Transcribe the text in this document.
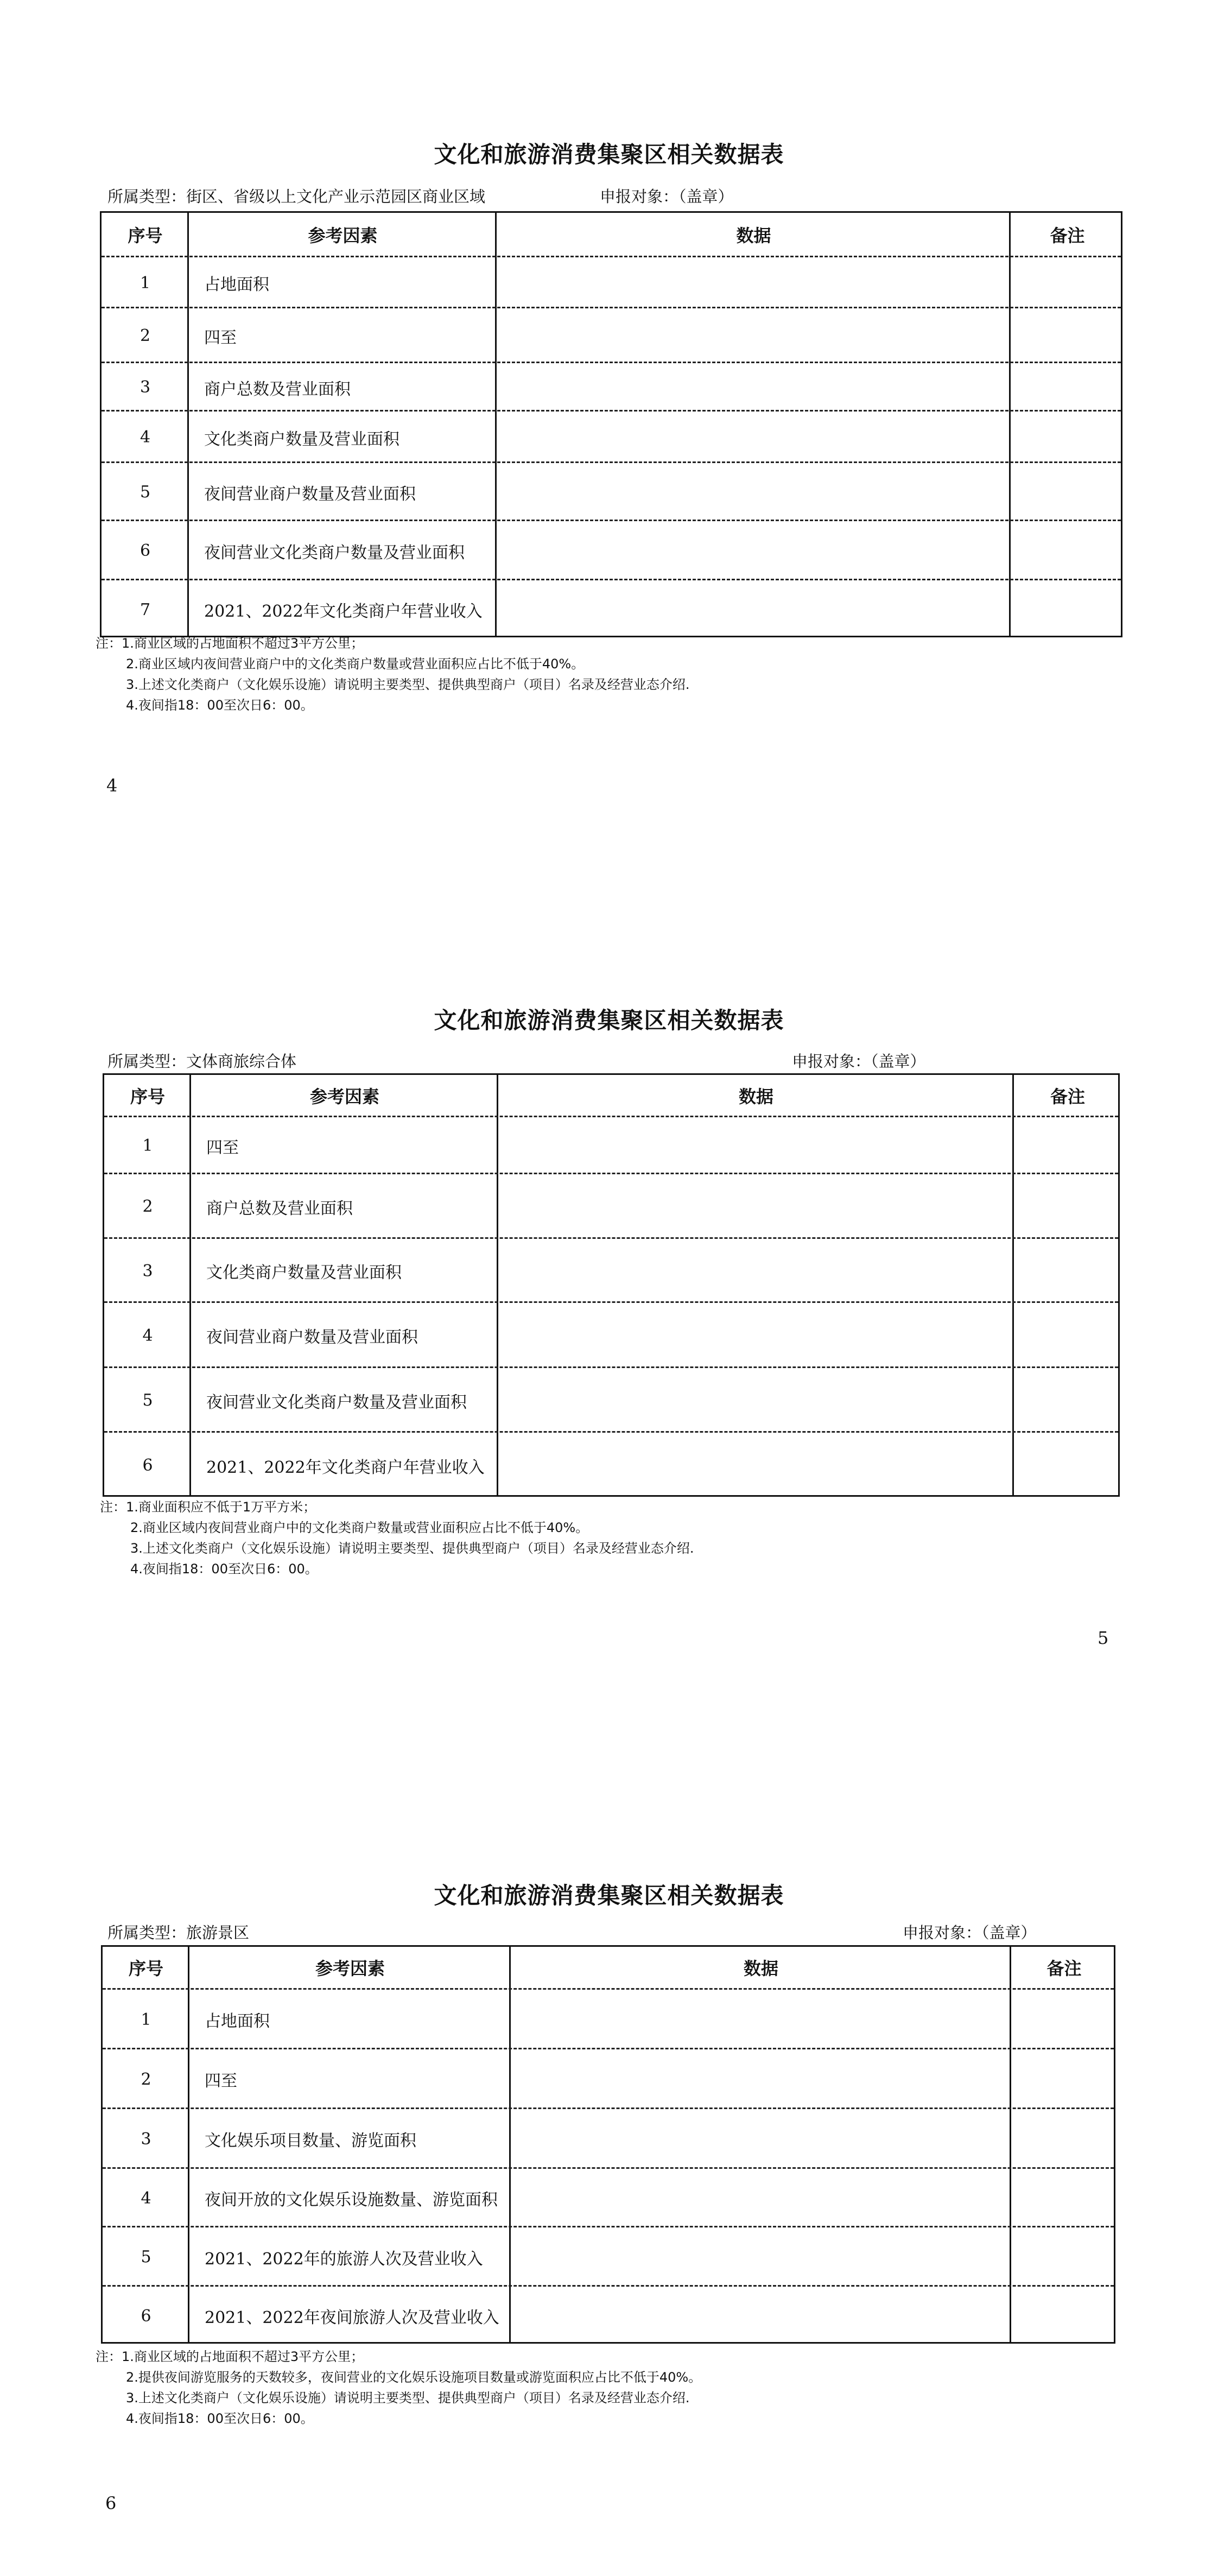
文化和旅游消费集聚区相关数据表
所属类型：街区、省级以上文化产业示范园区商业区域	申报对象：（盖章）
序号	参考因素	数据	备注
1	占地面积
2	四至
3	商户总数及营业面积
4	文化类商户数量及营业面积
5	夜间营业商户数量及营业面积
6	夜间营业文化类商户数量及营业面积
7	2021、2022年文化类商户年营业收入
注：1.商业区域的占地面积不超过3平方公里；
2.商业区域内夜间营业商户中的文化类商户数量或营业面积应占比不低于40%。
3.上述文化类商户（文化娱乐设施）请说明主要类型、提供典型商户（项目）名录及经营业态介绍.
4.夜间指18：00至次日6：00。
4
文化和旅游消费集聚区相关数据表
所属类型：文体商旅综合体	申报对象：（盖章）
序号	参考因素	数据	备注
1	四至
2	商户总数及营业面积
3	文化类商户数量及营业面积
4	夜间营业商户数量及营业面积
5	夜间营业文化类商户数量及营业面积
6	2021、2022年文化类商户年营业收入
注：1.商业面积应不低于1万平方米；
2.商业区域内夜间营业商户中的文化类商户数量或营业面积应占比不低于40%。
3.上述文化类商户（文化娱乐设施）请说明主要类型、提供典型商户（项目）名录及经营业态介绍.
4.夜间指18：00至次日6：00。
5
文化和旅游消费集聚区相关数据表
所属类型：旅游景区	申报对象：（盖章）
序号	参考因素	数据	备注
1	占地面积
2	四至
3	文化娱乐项目数量、游览面积
4	夜间开放的文化娱乐设施数量、游览面积
5	2021、2022年的旅游人次及营业收入
6	2021、2022年夜间旅游人次及营业收入
注：1.商业区域的占地面积不超过3平方公里；
2.提供夜间游览服务的天数较多，夜间营业的文化娱乐设施项目数量或游览面积应占比不低于40%。
3.上述文化类商户（文化娱乐设施）请说明主要类型、提供典型商户（项目）名录及经营业态介绍.
4.夜间指18：00至次日6：00。
6
